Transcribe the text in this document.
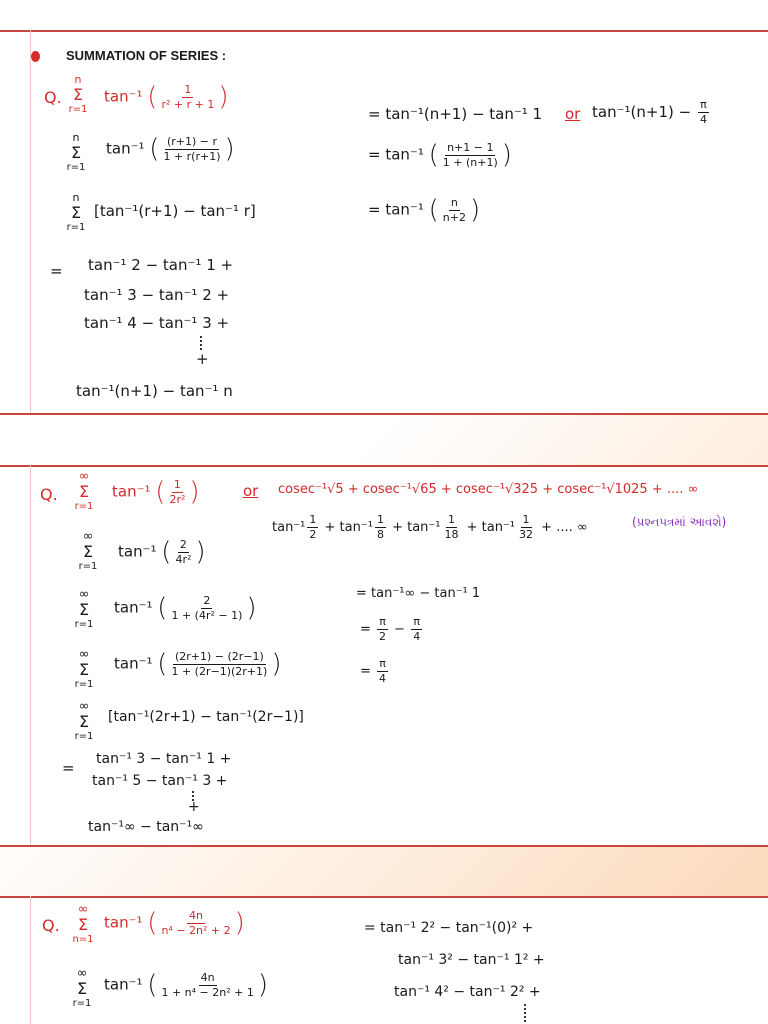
SUMMATION OF SERIES :
Q.
n
Σ
r=1
tan⁻¹ ( $\frac{1}{\text{r² + r + 1}}$ )
= tan⁻¹(n+1) − tan⁻¹ 1 or $\tan^{-1}(n+1) - \frac{\pi}{4}$
n
Σ
r=1
tan⁻¹ ( $\frac{(r+1) - r}{1 + r(r+1)}$ )	= tan⁻¹ ( $\frac{n+1 - 1}{1 + (n+1)}$ )
n
Σ
r=1
[tan⁻¹(r+1) − tan⁻¹ r]	= tan⁻¹ ( $\frac{n}{n+2}$ )
= tan⁻¹ 2 − tan⁻¹ 1 +
tan⁻¹ 3 − tan⁻¹ 2 +
tan⁻¹ 4 − tan⁻¹ 3 +
+
tan⁻¹(n+1) − tan⁻¹ n
Q.
∞
Σ
r=1
tan⁻¹ ( $\frac{1}{\text{2r²}}$ )	or cosec⁻¹√5 + cosec⁻¹√65 + cosec⁻¹√325 + cosec⁻¹√1025 + .... ∞
$\tan^{-1} \frac{1}{2} + \tan^{-1} \frac{1}{8} + \tan^{-1} \frac{1}{18} + \tan^{-1} \frac{1}{32}$ + .... ∞	(પ્રશ્નપત્રમાં આવશે)
∞
Σ
r=1
tan⁻¹ ( $\frac{2}{\text{4r²}}$ )
∞
Σ
r=1
tan⁻¹ ( $\frac{2}{\text{1 + (4r² − 1)}}$ )	= tan⁻¹∞ − tan⁻¹ 1
= $\frac{\pi}{2} - \frac{\pi}{4}$
∞
Σ
r=1
tan⁻¹ ( $\frac{(2r+1) - (2r-1)}{1 + (2r-1)(2r+1)}$ )	= $\frac{\pi}{4}$
∞
Σ
r=1
[tan⁻¹(2r+1) − tan⁻¹(2r−1)]
= tan⁻¹ 3 − tan⁻¹ 1 +
tan⁻¹ 5 − tan⁻¹ 3 +
+
tan⁻¹∞ − tan⁻¹∞
Q.
∞
Σ
n=1
tan⁻¹ ( $\frac{4n}{\text{n⁴ − 2n² + 2}}$ )
∞
Σ
r=1
tan⁻¹ ( $\frac{4n}{\text{1 + n⁴ − 2n² + 1}}$ )
= tan⁻¹ 2² − tan⁻¹(0)² +
tan⁻¹ 3² − tan⁻¹ 1² +
tan⁻¹ 4² − tan⁻¹ 2² +
